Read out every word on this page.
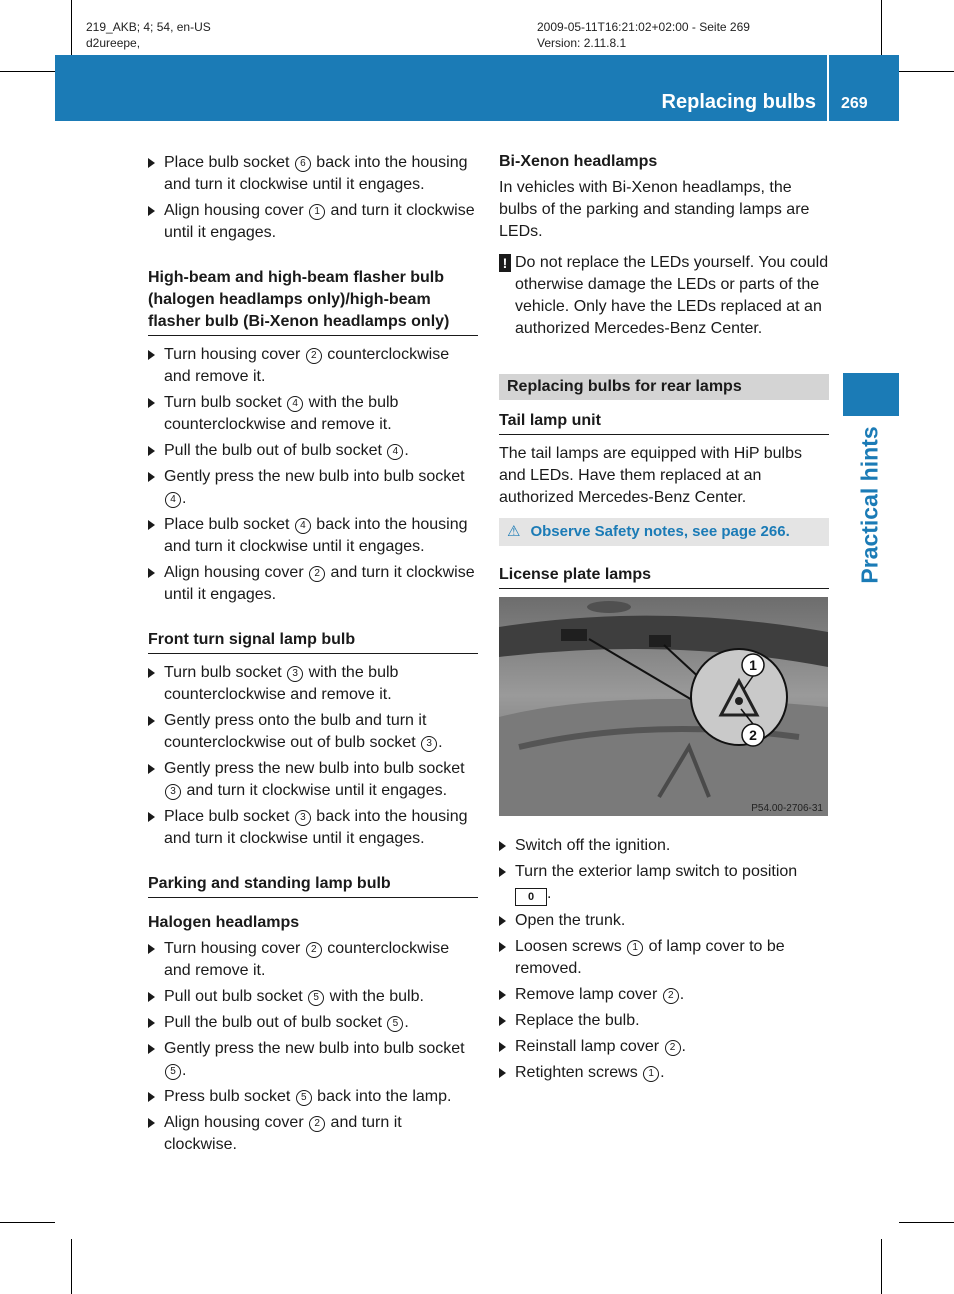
219_AKB; 4; 54, en-US
d2ureepe,
2009-05-11T16:21:02+02:00 - Seite 269
Version: 2.11.8.1
Replacing bulbs 269
Practical hints
Place bulb socket 6 back into the housing and turn it clockwise until it engages.
Align housing cover 1 and turn it clockwise until it engages.
High-beam and high-beam flasher bulb (halogen headlamps only)/high-beam flasher bulb (Bi-Xenon headlamps only)
Turn housing cover 2 counterclockwise and remove it.
Turn bulb socket 4 with the bulb counterclockwise and remove it.
Pull the bulb out of bulb socket 4 .
Gently press the new bulb into bulb socket 4 .
Place bulb socket 4 back into the housing and turn it clockwise until it engages.
Align housing cover 2 and turn it clockwise until it engages.
Front turn signal lamp bulb
Turn bulb socket 3 with the bulb counterclockwise and remove it.
Gently press onto the bulb and turn it counterclockwise out of bulb socket 3 .
Gently press the new bulb into bulb socket 3 and turn it clockwise until it engages.
Place bulb socket 3 back into the housing and turn it clockwise until it engages.
Parking and standing lamp bulb
Halogen headlamps
Turn housing cover 2 counterclockwise and remove it.
Pull out bulb socket 5 with the bulb.
Pull the bulb out of bulb socket 5 .
Gently press the new bulb into bulb socket 5 .
Press bulb socket 5 back into the lamp.
Align housing cover 2 and turn it clockwise.
Bi-Xenon headlamps
In vehicles with Bi-Xenon headlamps, the bulbs of the parking and standing lamps are LEDs.
! Do not replace the LEDs yourself. You could otherwise damage the LEDs or parts of the vehicle. Only have the LEDs replaced at an authorized Mercedes-Benz Center.
Replacing bulbs for rear lamps
Tail lamp unit
The tail lamps are equipped with HiP bulbs and LEDs. Have them replaced at an authorized Mercedes-Benz Center.
⚠ Observe Safety notes, see page 266.
License plate lamps
1
2
P54.00-2706-31
Switch off the ignition.
Turn the exterior lamp switch to position 0 .
Open the trunk.
Loosen screws 1 of lamp cover to be removed.
Remove lamp cover 2 .
Replace the bulb.
Reinstall lamp cover 2 .
Retighten screws 1 .
